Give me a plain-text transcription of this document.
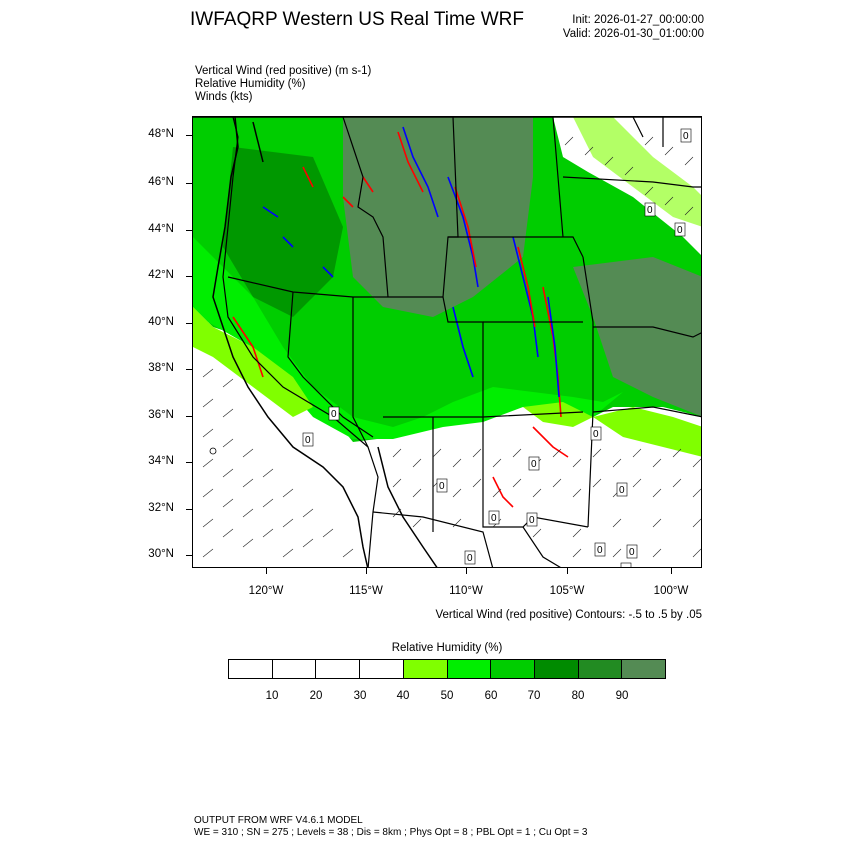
IWFAQRP Western US Real Time WRF	Init: 2026-01-27_00:00:00
Valid: 2026-01-30_01:00:00
Vertical Wind (red positive) (m s-1)
Relative Humidity (%)
Winds (kts)
0
0
0
0
0
0
0
0
0
0
0
0
0
0
48°N
46°N
44°N
42°N
40°N
38°N
36°N
34°N
32°N
30°N
120°W	115°W	110°W	105°W	100°W
Vertical Wind (red positive) Contours: -.5 to .5 by .05
Relative Humidity (%)
10	20	30	40	50	60	70	80	90
OUTPUT FROM WRF V4.6.1 MODEL
WE = 310 ; SN = 275 ; Levels = 38 ; Dis = 8km ; Phys Opt = 8 ; PBL Opt = 1 ; Cu Opt = 3
